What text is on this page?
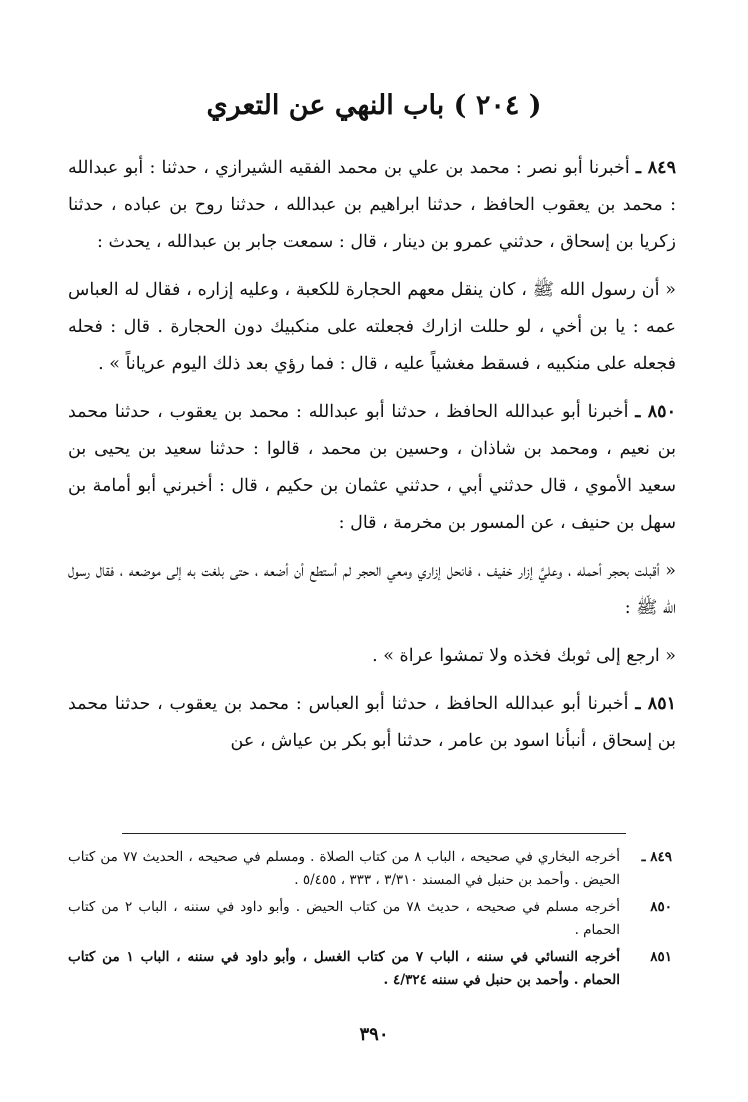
( ٢٠٤ ) باب النهي عن التعري

٨٤٩ ـ أخبرنا أبو نصر : محمد بن علي بن محمد الفقيه الشيرازي ، حدثنا : أبو عبدالله : محمد بن يعقوب الحافظ ، حدثنا ابراهيم بن عبدالله ، حدثنا روح بن عباده ، حدثنا زكريا بن إسحاق ، حدثني عمرو بن دينار ، قال : سمعت جابر بن عبدالله ، يحدث :

« أن رسول الله ﷺ ، كان ينقل معهم الحجارة للكعبة ، وعليه إزاره ، فقال له العباس عمه : يا بن أخي ، لو حللت ازارك فجعلته على منكبيك دون الحجارة . قال : فحله فجعله على منكبيه ، فسقط مغشياً عليه ، قال : فما رؤي بعد ذلك اليوم عرياناً » .

٨٥٠ ـ أخبرنا أبو عبدالله الحافظ ، حدثنا أبو عبدالله : محمد بن يعقوب ، حدثنا محمد بن نعيم ، ومحمد بن شاذان ، وحسين بن محمد ، قالوا : حدثنا سعيد بن يحيى بن سعيد الأموي ، قال حدثني أبي ، حدثني عثمان بن حكيم ، قال : أخبرني أبو أمامة بن سهل بن حنيف ، عن المسور بن مخرمة ، قال :

« أقبلت بحجر أحمله ، وعليَّ إزار خفيف ، فانحل إزاري ومعي الحجر لم أستطع أن أضعه ، حتى بلغت به إلى موضعه ، فقال رسول الله ﷺ :

« ارجع إلى ثوبك فخذه ولا تمشوا عراة » .

٨٥١ ـ أخبرنا أبو عبدالله الحافظ ، حدثنا أبو العباس : محمد بن يعقوب ، حدثنا محمد بن إسحاق ، أنبأنا اسود بن عامر ، حدثنا أبو بكر بن عياش ، عن

٨٤٩ ـ
أخرجه البخاري في صحيحه ، الباب ٨ من كتاب الصلاة . ومسلم في صحيحه ، الحديث ٧٧ من كتاب الحيض . وأحمد بن حنبل في المسند ٣/٣١٠ ، ٣٣٣ ، ٥/٤٥٥ .
٨٥٠
أخرجه مسلم في صحيحه ، حديث ٧٨ من كتاب الحيض . وأبو داود في سننه ، الباب ٢ من كتاب الحمام .
٨٥١
أخرجه النسائي في سننه ، الباب ٧ من كتاب الغسل ، وأبو داود في سننه ، الباب ١ من كتاب الحمام . وأحمد بن حنبل في سننه ٤/٣٢٤ .
٣٩٠
